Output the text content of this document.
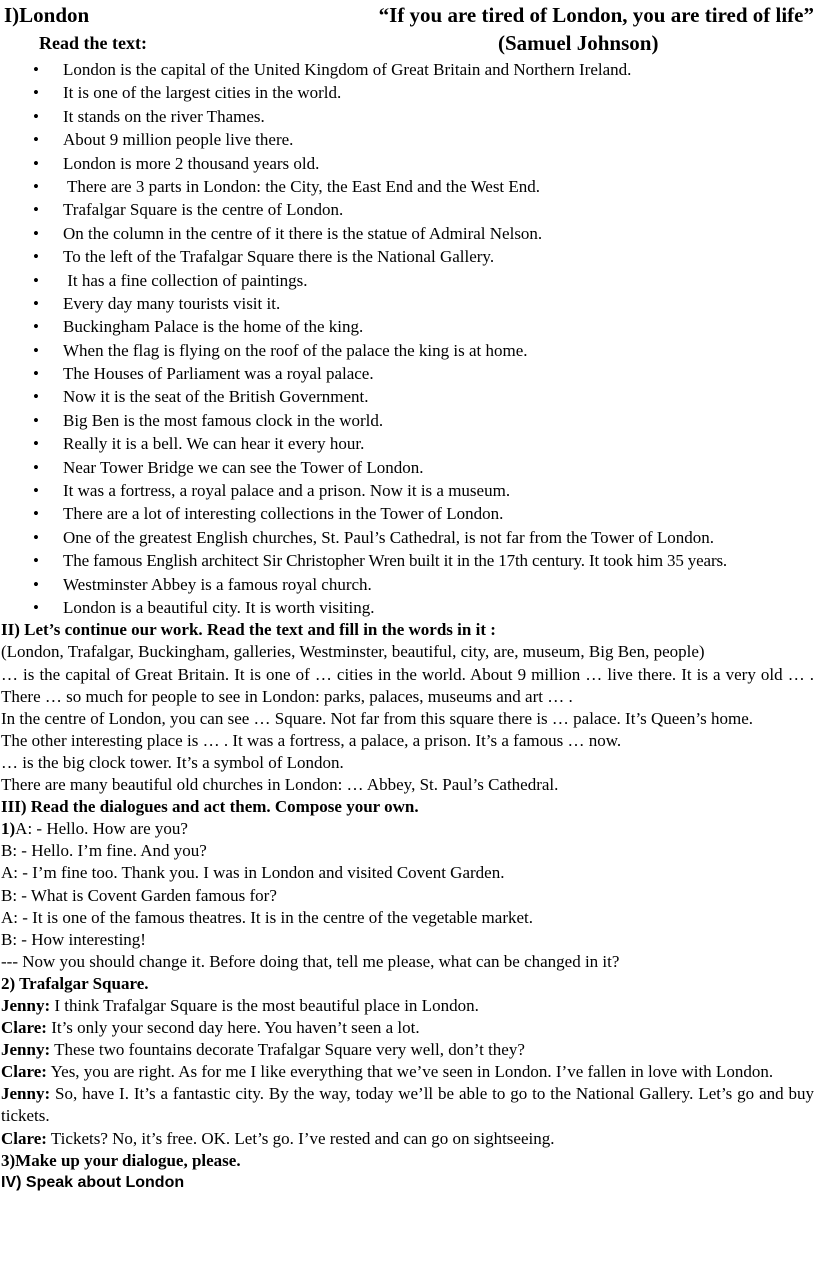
I)London	“If you are tired of London, you are tired of life”
Read the text:	(Samuel Johnson)
• London is the capital of the United Kingdom of Great Britain and Northern Ireland.
• It is one of the largest cities in the world.
• It stands on the river Thames.
• About 9 million people live there.
• London is more 2 thousand years old.
• There are 3 parts in London: the City, the East End and the West End.
• Trafalgar Square is the centre of London.
• On the column in the centre of it there is the statue of Admiral Nelson.
• To the left of the Trafalgar Square there is the National Gallery.
• It has a fine collection of paintings.
• Every day many tourists visit it.
• Buckingham Palace is the home of the king.
• When the flag is flying on the roof of the palace the king is at home.
• The Houses of Parliament was a royal palace.
• Now it is the seat of the British Government.
• Big Ben is the most famous clock in the world.
• Really it is a bell. We can hear it every hour.
• Near Tower Bridge we can see the Tower of London.
• It was a fortress, a royal palace and a prison. Now it is a museum.
• There are a lot of interesting collections in the Tower of London.
• One of the greatest English churches, St. Paul’s Cathedral, is not far from the Tower of London.
• The famous English architect Sir Christopher Wren built it in the 17th century. It took him 35 years.
• Westminster Abbey is a famous royal church.
• London is a beautiful city. It is worth visiting.
II) Let’s continue our work. Read the text and fill in the words in it :
(London, Trafalgar, Buckingham, galleries, Westminster, beautiful, city, are, museum, Big Ben, people)
… is the capital of Great Britain. It is one of … cities in the world. About 9 million … live there. It is a very old … . There … so much for people to see in London: parks, palaces, museums and art … .
In the centre of London, you can see … Square. Not far from this square there is … palace. It’s Queen’s home.
The other interesting place is … . It was a fortress, a palace, a prison. It’s a famous … now.
… is the big clock tower. It’s a symbol of London.
There are many beautiful old churches in London: … Abbey, St. Paul’s Cathedral.
III) Read the dialogues and act them. Compose your own.
1)A: - Hello. How are you?
B: - Hello. I’m fine. And you?
A: - I’m fine too. Thank you. I was in London and visited Covent Garden.
B: - What is Covent Garden famous for?
A: - It is one of the famous theatres. It is in the centre of the vegetable market.
B: - How interesting!
--- Now you should change it. Before doing that, tell me please, what can be changed in it?
2) Trafalgar Square.
Jenny: I think Trafalgar Square is the most beautiful place in London.
Clare: It’s only your second day here. You haven’t seen a lot.
Jenny: These two fountains decorate Trafalgar Square very well, don’t they?
Clare: Yes, you are right. As for me I like everything that we’ve seen in London. I’ve fallen in love with London.
Jenny: So, have I. It’s a fantastic city. By the way, today we’ll be able to go to the National Gallery. Let’s go and buy tickets.
Clare: Tickets? No, it’s free. OK. Let’s go. I’ve rested and can go on sightseeing.
3)Make up your dialogue, please.
IV) Speak about London
